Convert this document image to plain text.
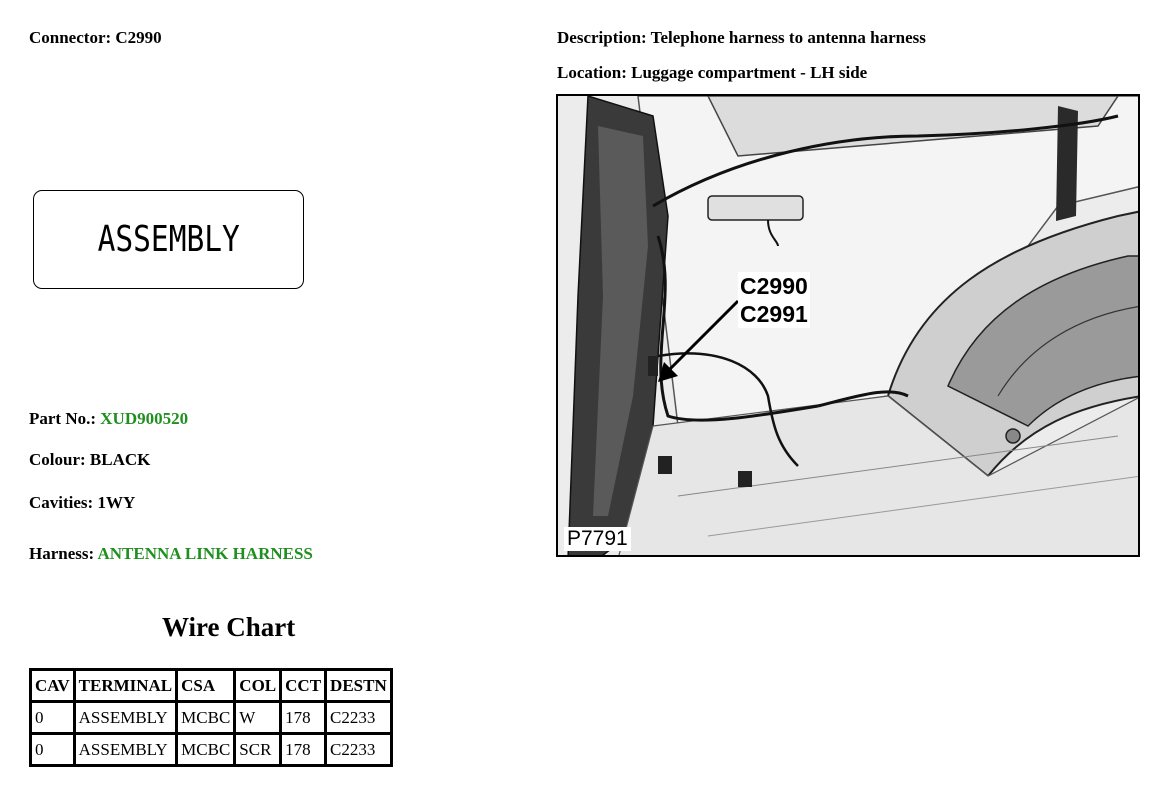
Connector: C2990	Description: Telephone harness to antenna harness
Location: Luggage compartment - LH side
ASSEMBLY
Part No.: XUD900520
Colour: BLACK
Cavities: 1WY
Harness: ANTENNA LINK HARNESS
Wire Chart
CAV	TERMINAL	CSA	COL	CCT	DESTN
0	ASSEMBLY	MCBC	W	178	C2233
0	ASSEMBLY	MCBC	SCR	178	C2233
C2990
C2991
P7791
